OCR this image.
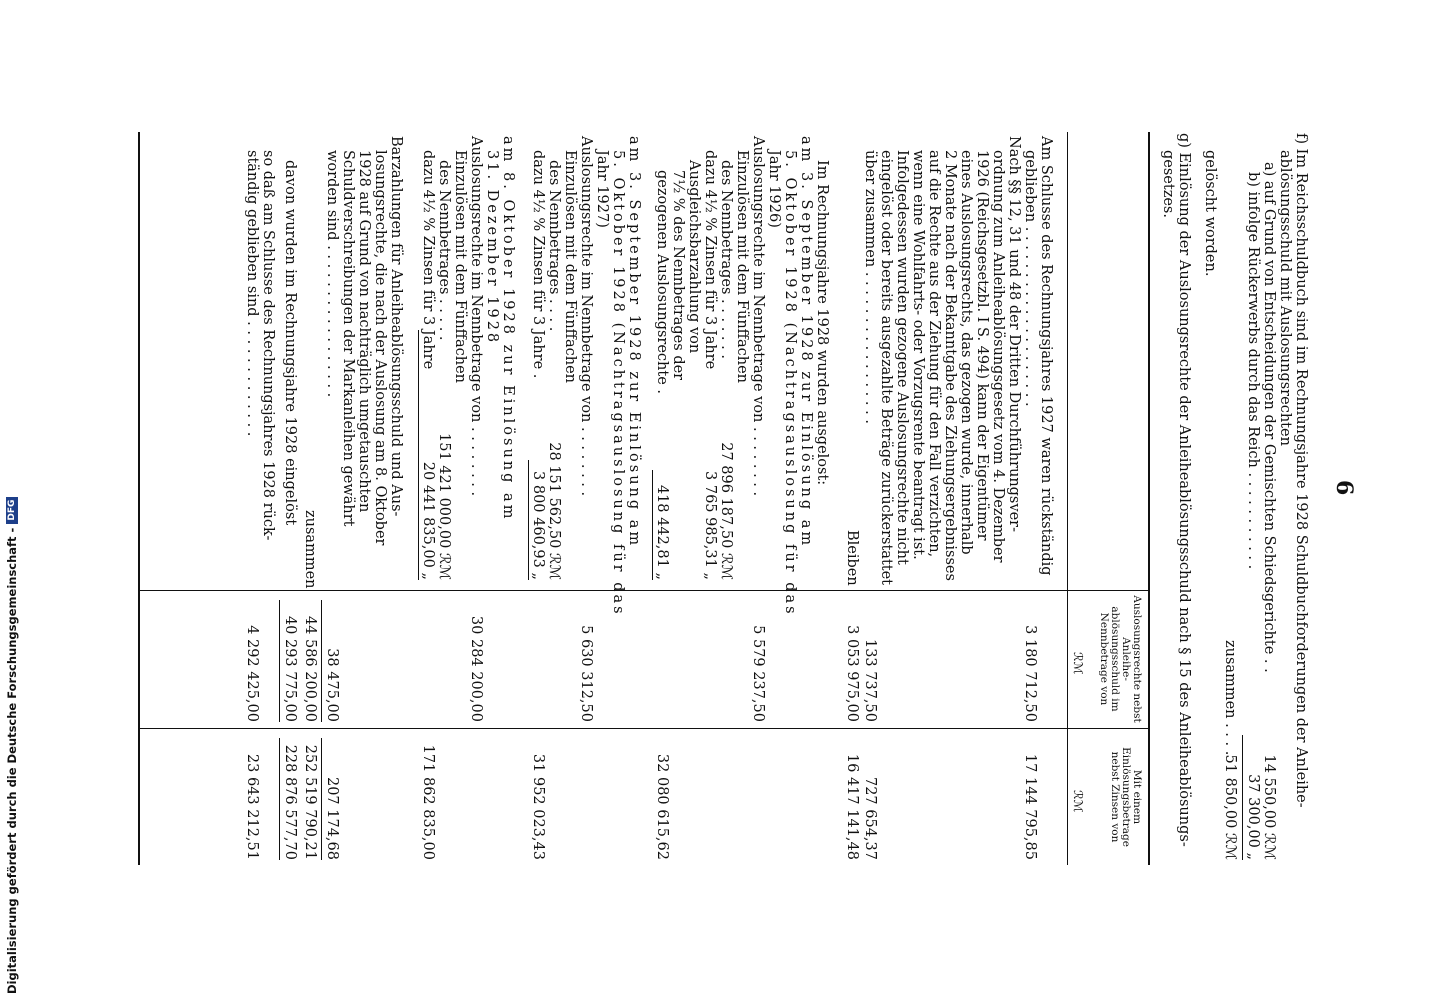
6
f) Im Reichsschuldbuch sind im Rechnungsjahre 1928 Schuldbuchforderungen der Anleihe-
ablösungsschuld mit Auslosungsrechten
a) auf Grund von Entscheidungen der Gemischten Schiedsgerichte . .
14 550,00 ℛℳ
b) infolge Rückerwerbs durch das Reich . . . . . . . . . . .
37 300,00 „
zusammen . . . .
51 850,00 ℛℳ
gelöscht worden.
g) Einlösung der Auslosungsrechte der Anleiheablösungsschuld nach § 15 des Anleiheablösungs-
gesetzes.
Auslosungsrechte nebst Anleihe-ablösungsschuld im Nennbetrage von
Mit einem Einlösungsbetrage nebst Zinsen von
ℛℳ
ℛℳ
Am Schlusse des Rechnungsjahres 1927 waren rückständig
geblieben . . . . . . . . . . . . . . . . . . . .
3 180 712,50
17 144 795,85
Nach §§ 12, 31 und 48 der Dritten Durchführungsver-
ordnung zum Anleiheablösungsgesetz vom 4. Dezember
1926 (Reichsgesetzbl. I S. 494) kann der Eigentümer
eines Auslosungsrechts, das gezogen wurde, innerhalb
2 Monate nach der Bekanntgabe des Ziehungsergebnisses
auf die Rechte aus der Ziehung für den Fall verzichten,
wenn eine Wohlfahrts- oder Vorzugsrente beantragt ist.
Infolgedessen wurden gezogene Auslosungsrechte nicht
eingelöst oder bereits ausgezahlte Beträge zurückerstattet
über zusammen . . . . . . . . . . . . . . . . .
133 737,50
727 654,37
Bleiben
3 053 975,00
16 417 141,48
Im Rechnungsjahre 1928 wurden ausgelost:
am 3. September 1928 zur Einlösung am
5. Oktober 1928 (Nachtragsauslosung für das
Jahr 1926)
Auslosungsrechte im Nennbetrage von . . . . . . . .
5 579 237,50
Einzulösen mit dem Fünffachen
des Nennbetrages . . . . . . .
27 896 187,50 ℛℳ
dazu 4½ % Zinsen für 3 Jahre
3 765 985,31 „
Ausgleichsbarzahlung von
7½ % des Nennbetrages der
gezogenen Auslosungsrechte .
418 442,81 „
32 080 615,62
am 3. September 1928 zur Einlösung am
5. Oktober 1928 (Nachtragsauslosung für das
Jahr 1927)
Auslosungsrechte im Nennbetrage von . . . . . . . .
5 630 312,50
Einzulösen mit dem Fünffachen
des Nennbetrages . . . .
28 151 562,50 ℛℳ
dazu 4½ % Zinsen für 3 Jahre .
3 800 460,93 „
31 952 023,43
am 8. Oktober 1928 zur Einlösung am
31. Dezember 1928
Auslosungsrechte im Nennbetrage von . . . . . . . .
30 284 200,00
Einzulösen mit dem Fünffachen
des Nennbetrages . . . . .
151 421 000,00 ℛℳ
dazu 4½ % Zinsen für 3 Jahre
20 441 835,00 „
171 862 835,00
Barzahlungen für Anleiheablösungsschuld und Aus-
losungsrechte, die nach der Auslosung am 8. Oktober
1928 auf Grund von nachträglich umgetauschten
Schuldverschreibungen der Markanleihen gewährt
worden sind . . . . . . . . . . . . . . . . .
38 475,00
207 174,68
zusammen
44 586 200,00
252 519 790,21
davon wurden im Rechnungsjahre 1928 eingelöst
40 293 775,00
228 876 577,70
so daß am Schlusse des Rechnungsjahres 1928 rück-
ständig geblieben sind . . . . . . . . . . . . .
4 292 425,00
23 643 212,51
Digitalisierung gefördert durch die Deutsche Forschungsgemeinschaft -
DFG
